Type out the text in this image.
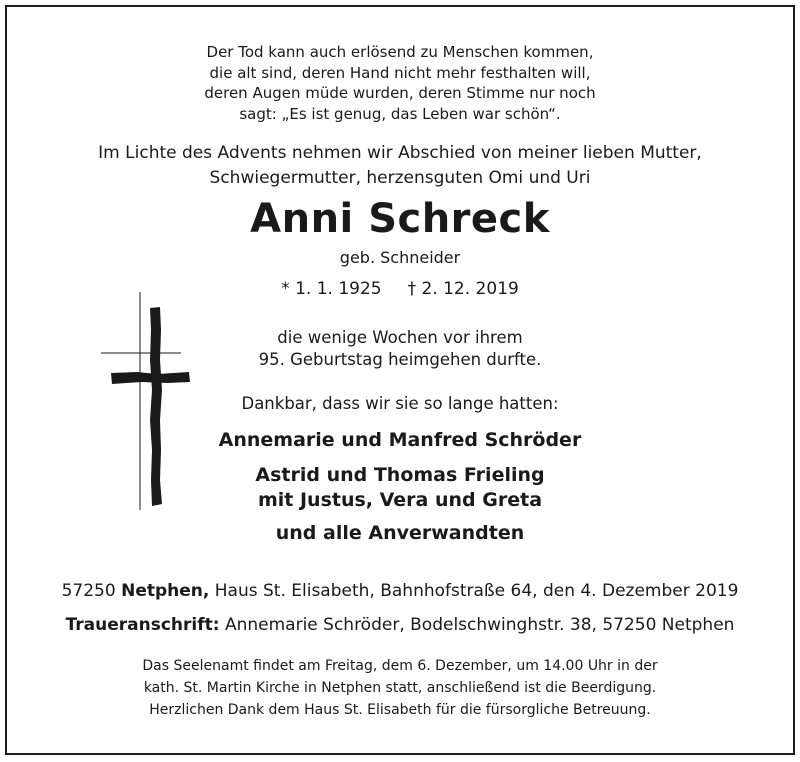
Der Tod kann auch erlösend zu Menschen kommen,
die alt sind, deren Hand nicht mehr festhalten will,
deren Augen müde wurden, deren Stimme nur noch
sagt: „Es ist genug, das Leben war schön“.
Im Lichte des Advents nehmen wir Abschied von meiner lieben Mutter,
Schwiegermutter, herzensguten Omi und Uri
Anni Schreck
geb. Schneider
* 1. 1. 1925 † 2. 12. 2019
die wenige Wochen vor ihrem
95. Geburtstag heimgehen durfte.
Dankbar, dass wir sie so lange hatten:
Annemarie und Manfred Schröder
Astrid und Thomas Frieling
mit Justus, Vera und Greta
und alle Anverwandten
57250 Netphen, Haus St. Elisabeth, Bahnhofstraße 64, den 4. Dezember 2019
Traueranschrift: Annemarie Schröder, Bodelschwinghstr. 38, 57250 Netphen
Das Seelenamt findet am Freitag, dem 6. Dezember, um 14.00 Uhr in der
kath. St. Martin Kirche in Netphen statt, anschließend ist die Beerdigung.
Herzlichen Dank dem Haus St. Elisabeth für die fürsorgliche Betreuung.
